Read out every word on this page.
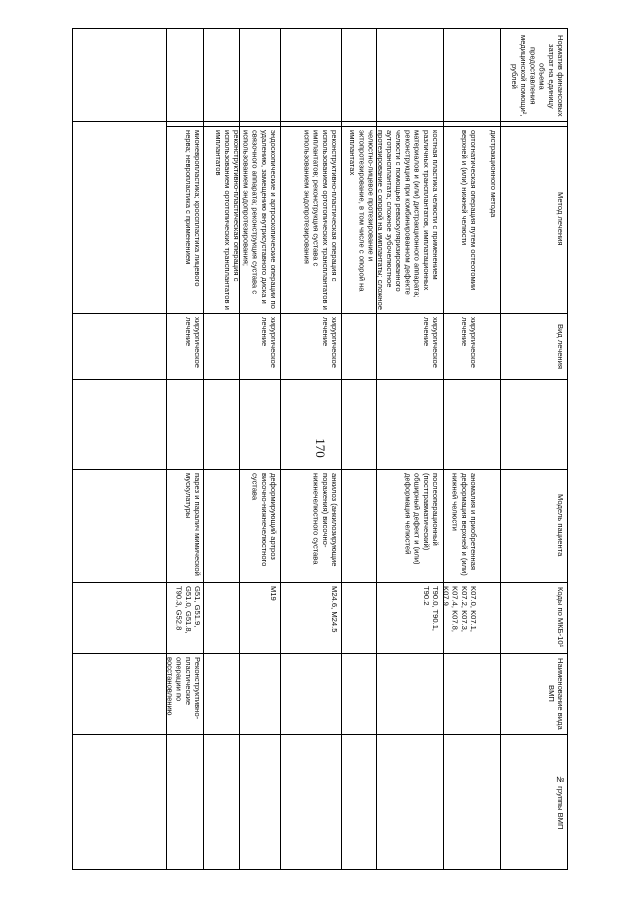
170
Норматив финансовых затрат на единицу объема предоставления медицинской помощи², рублей
Метод лечения
Вид лечения
Модель пациента
Коды по МКБ-10¹
Наименование вида ВМП
№ группы ВМП
дистракционного метода
ортогнатическая операция путем остеотомии верхней и (или) нижней челюсти
хирургическое лечение
аномалия и приобретенная деформация верхней и (или) нижней челюсти
K07.0, K07.1, K07.2, K07.3, K07.4, K07.8, K07.9
костная пластика челюсти с применением различных трансплантатов, имплатационных материалов и (или) дистракционного аппарата; реконструкция при комбинированном дефекте челюсти с помощью реваскуляризированного аутотрансплантата; сложное зубочелюстное протезирование с опорой на имплантаты; сложное челюстно-лицевое протезирование и эктопротезирование, в том числе с опорой на имплантатах
хирургическое лечение
послеоперационный (посттравматический) обширный дефект и (или) деформация челюстей
T90.0, T90.1, T90.2
реконструктивно-пластическая операция с использованием ортотопических трансплантатов и имплантатов; реконструкция сустава с использованием эндопротезирования
хирургическое лечение
анкилоз (анкилозирующие поражения) височно-нижнечелюстного сустава
M24.6, M24.5
эндоскопические и артроскопические операции по удалению, замещению внутрисуставного диска и связочного аппарата; реконструкция сустава с использованием эндопротезирования; реконструктивно-пластическая операция с использованием ортотопических трансплантатов и имплантатов
хирургическое лечение
деформирующий артроз височно-нижнечелюстного сустава
M19
мионевропластика; кросспластика лицевого нерва; невропластика с применением
хирургическое лечение
парез и паралич мимической мускулатуры
G51, G51.9, G51.0, G51.8, T90.3, G52.8
Реконструктивно-пластические операции по восстановлению
